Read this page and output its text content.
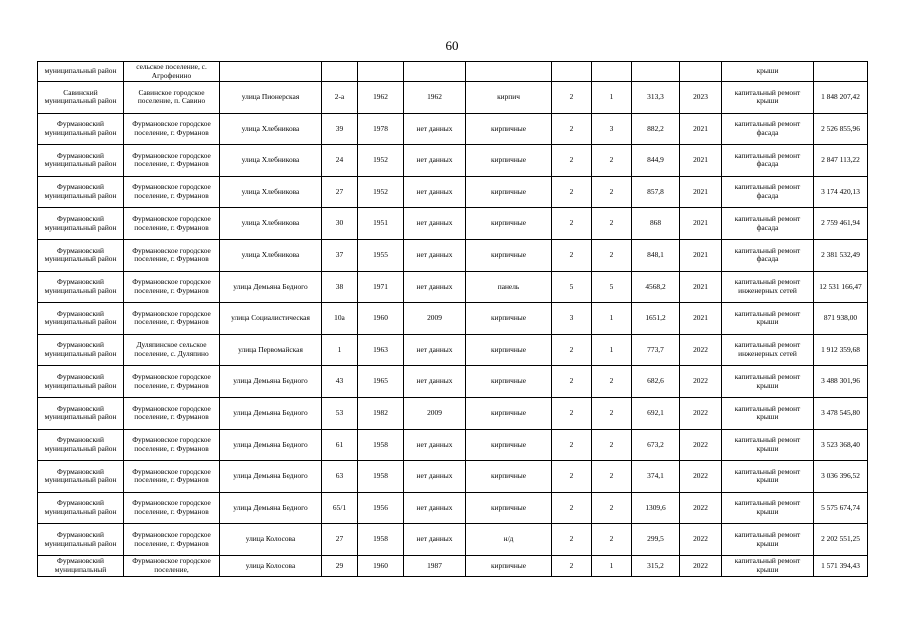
60
муниципальный район	сельское поселение, с. Агрофенино										крыши	
Савинский муниципальный район	Савинское городское поселение, п. Савино	улица Пионерская	2-а	1962	1962	кирпич	2	1	313,3	2023	капитальный ремонт крыши	1 848 207,42
Фурмановский муниципальный район	Фурмановское городское поселение, г. Фурманов	улица Хлебникова	39	1978	нет данных	кирпичные	2	3	882,2	2021	капитальный ремонт фасада	2 526 855,96
Фурмановский муниципальный район	Фурмановское городское поселение, г. Фурманов	улица Хлебникова	24	1952	нет данных	кирпичные	2	2	844,9	2021	капитальный ремонт фасада	2 847 113,22
Фурмановский муниципальный район	Фурмановское городское поселение, г. Фурманов	улица Хлебникова	27	1952	нет данных	кирпичные	2	2	857,8	2021	капитальный ремонт фасада	3 174 420,13
Фурмановский муниципальный район	Фурмановское городское поселение, г. Фурманов	улица Хлебникова	30	1951	нет данных	кирпичные	2	2	868	2021	капитальный ремонт фасада	2 759 461,94
Фурмановский муниципальный район	Фурмановское городское поселение, г. Фурманов	улица Хлебникова	37	1955	нет данных	кирпичные	2	2	848,1	2021	капитальный ремонт фасада	2 381 532,49
Фурмановский муниципальный район	Фурмановское городское поселение, г. Фурманов	улица Демьяна Бедного	38	1971	нет данных	панель	5	5	4568,2	2021	капитальный ремонт инженерных сетей	12 531 166,47
Фурмановский муниципальный район	Фурмановское городское поселение, г. Фурманов	улица Социалистическая	10а	1960	2009	кирпичные	3	1	1651,2	2021	капитальный ремонт крыши	871 938,00
Фурмановский муниципальный район	Дуляпинское сельское поселение, с. Дуляпино	улица Первомайская	1	1963	нет данных	кирпичные	2	1	773,7	2022	капитальный ремонт инженерных сетей	1 912 359,68
Фурмановский муниципальный район	Фурмановское городское поселение, г. Фурманов	улица Демьяна Бедного	43	1965	нет данных	кирпичные	2	2	682,6	2022	капитальный ремонт крыши	3 488 301,96
Фурмановский муниципальный район	Фурмановское городское поселение, г. Фурманов	улица Демьяна Бедного	53	1982	2009	кирпичные	2	2	692,1	2022	капитальный ремонт крыши	3 478 545,80
Фурмановский муниципальный район	Фурмановское городское поселение, г. Фурманов	улица Демьяна Бедного	61	1958	нет данных	кирпичные	2	2	673,2	2022	капитальный ремонт крыши	3 523 368,40
Фурмановский муниципальный район	Фурмановское городское поселение, г. Фурманов	улица Демьяна Бедного	63	1958	нет данных	кирпичные	2	2	374,1	2022	капитальный ремонт крыши	3 036 396,52
Фурмановский муниципальный район	Фурмановское городское поселение, г. Фурманов	улица Демьяна Бедного	65/1	1956	нет данных	кирпичные	2	2	1309,6	2022	капитальный ремонт крыши	5 575 674,74
Фурмановский муниципальный район	Фурмановское городское поселение, г. Фурманов	улица Колосова	27	1958	нет данных	н/д	2	2	299,5	2022	капитальный ремонт крыши	2 202 551,25
Фурмановский муниципальный	Фурмановское городское поселение,	улица Колосова	29	1960	1987	кирпичные	2	1	315,2	2022	капитальный ремонт крыши	1 571 394,43
